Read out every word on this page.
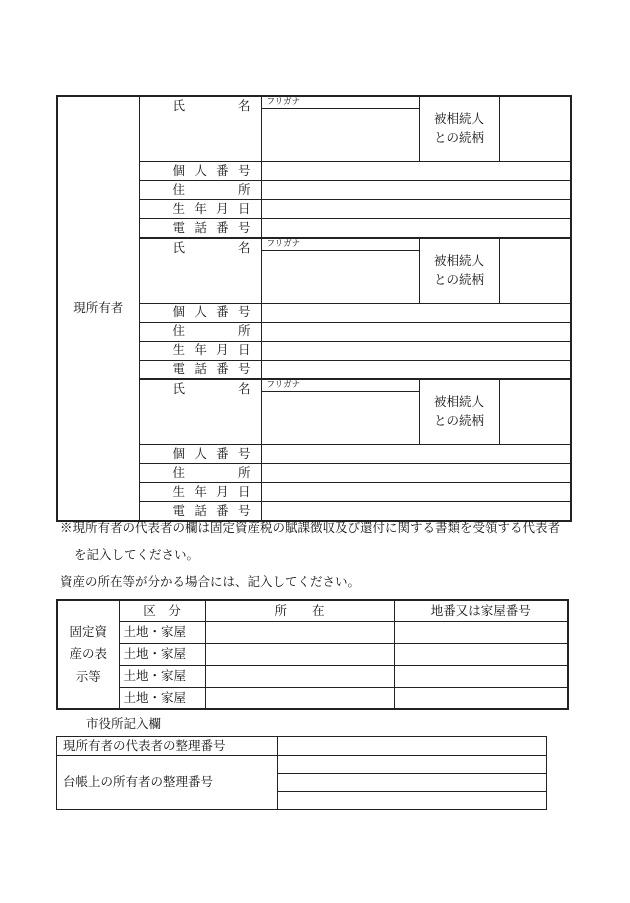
現所有者	氏　　名	フリガナ	被相続人
との続柄	

	個人番号			
	住　　所			
	生年月日			
	電話番号			
	氏　　名	フリガナ	被相続人
との続柄	

	個人番号			
	住　　所			
	生年月日			
	電話番号			
	氏　　名	フリガナ	被相続人
との続柄	

	個人番号			
	住　　所			
	生年月日			
	電話番号			
※現所有者の代表者の欄は固定資産税の賦課徴収及び還付に関する書類を受領する代表者
を記入してください。
資産の所在等が分かる場合には、記入してください。
固定資
産の表
示等	区　分	所　　在	地番又は家屋番号
	土地・家屋		
	土地・家屋		
	土地・家屋		
	土地・家屋		
市役所記入欄
現所有者の代表者の整理番号	
台帳上の所有者の整理番号	
